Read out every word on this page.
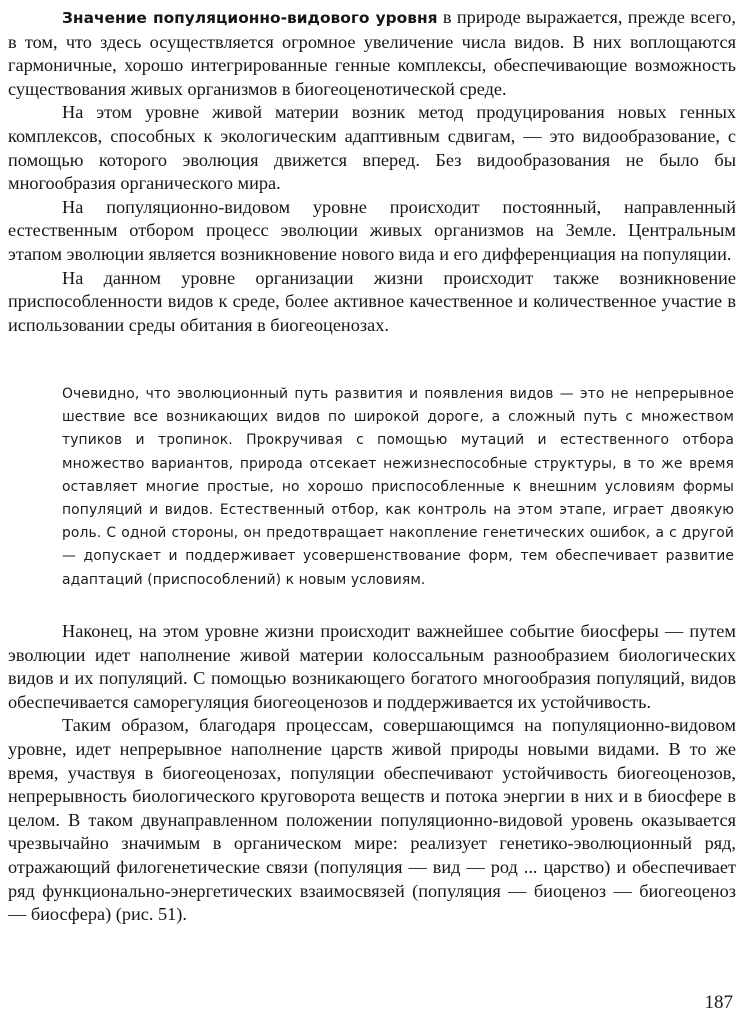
Значение популяционно-видового уровня в природе выражается, прежде всего, в том, что здесь осуществляется огромное увеличение числа видов. В них воплощаются гармоничные, хорошо интегрированные генные комплексы, обеспечивающие возможность существования живых организмов в биогеоценотической среде.

На этом уровне живой материи возник метод продуцирования новых генных комплексов, способных к экологическим адаптивным сдвигам, — это видообразование, с помощью которого эволюция движется вперед. Без видообразования не было бы многообразия органического мира.

На популяционно-видовом уровне происходит постоянный, направленный естественным отбором процесс эволюции живых организмов на Земле. Центральным этапом эволюции является возникновение нового вида и его дифференциация на популяции.

На данном уровне организации жизни происходит также возникновение приспособленности видов к среде, более активное качественное и количественное участие в использовании среды обитания в биогеоценозах.

Очевидно, что эволюционный путь развития и появления видов — это не непрерывное шествие все возникающих видов по широкой дороге, а сложный путь с множеством тупиков и тропинок. Прокручивая с помощью мутаций и естественного отбора множество вариантов, природа отсекает нежизнеспособные структуры, в то же время оставляет многие простые, но хорошо приспособленные к внешним условиям формы популяций и видов. Естественный отбор, как контроль на этом этапе, играет двоякую роль. С одной стороны, он предотвращает накопление генетических ошибок, а с другой — допускает и поддерживает усовершенствование форм, тем обеспечивает развитие адаптаций (приспособлений) к новым условиям.

Наконец, на этом уровне жизни происходит важнейшее событие биосферы — путем эволюции идет наполнение живой материи колоссальным разнообразием биологических видов и их популяций. С помощью возникающего богатого многообразия популяций, видов обеспечивается саморегуляция биогеоценозов и поддерживается их устойчивость.

Таким образом, благодаря процессам, совершающимся на популяционно-видовом уровне, идет непрерывное наполнение царств живой природы новыми видами. В то же время, участвуя в биогеоценозах, популяции обеспечивают устойчивость биогеоценозов, непрерывность биологического круговорота веществ и потока энергии в них и в биосфере в целом. В таком двунаправленном положении популяционно-видовой уровень оказывается чрезвычайно значимым в органическом мире: реализует генетико-эволюционный ряд, отражающий филогенетические связи (популяция — вид — род ... царство) и обеспечивает ряд функционально-энергетических взаимосвязей (популяция — биоценоз — биогеоценоз — биосфера) (рис. 51).

187
